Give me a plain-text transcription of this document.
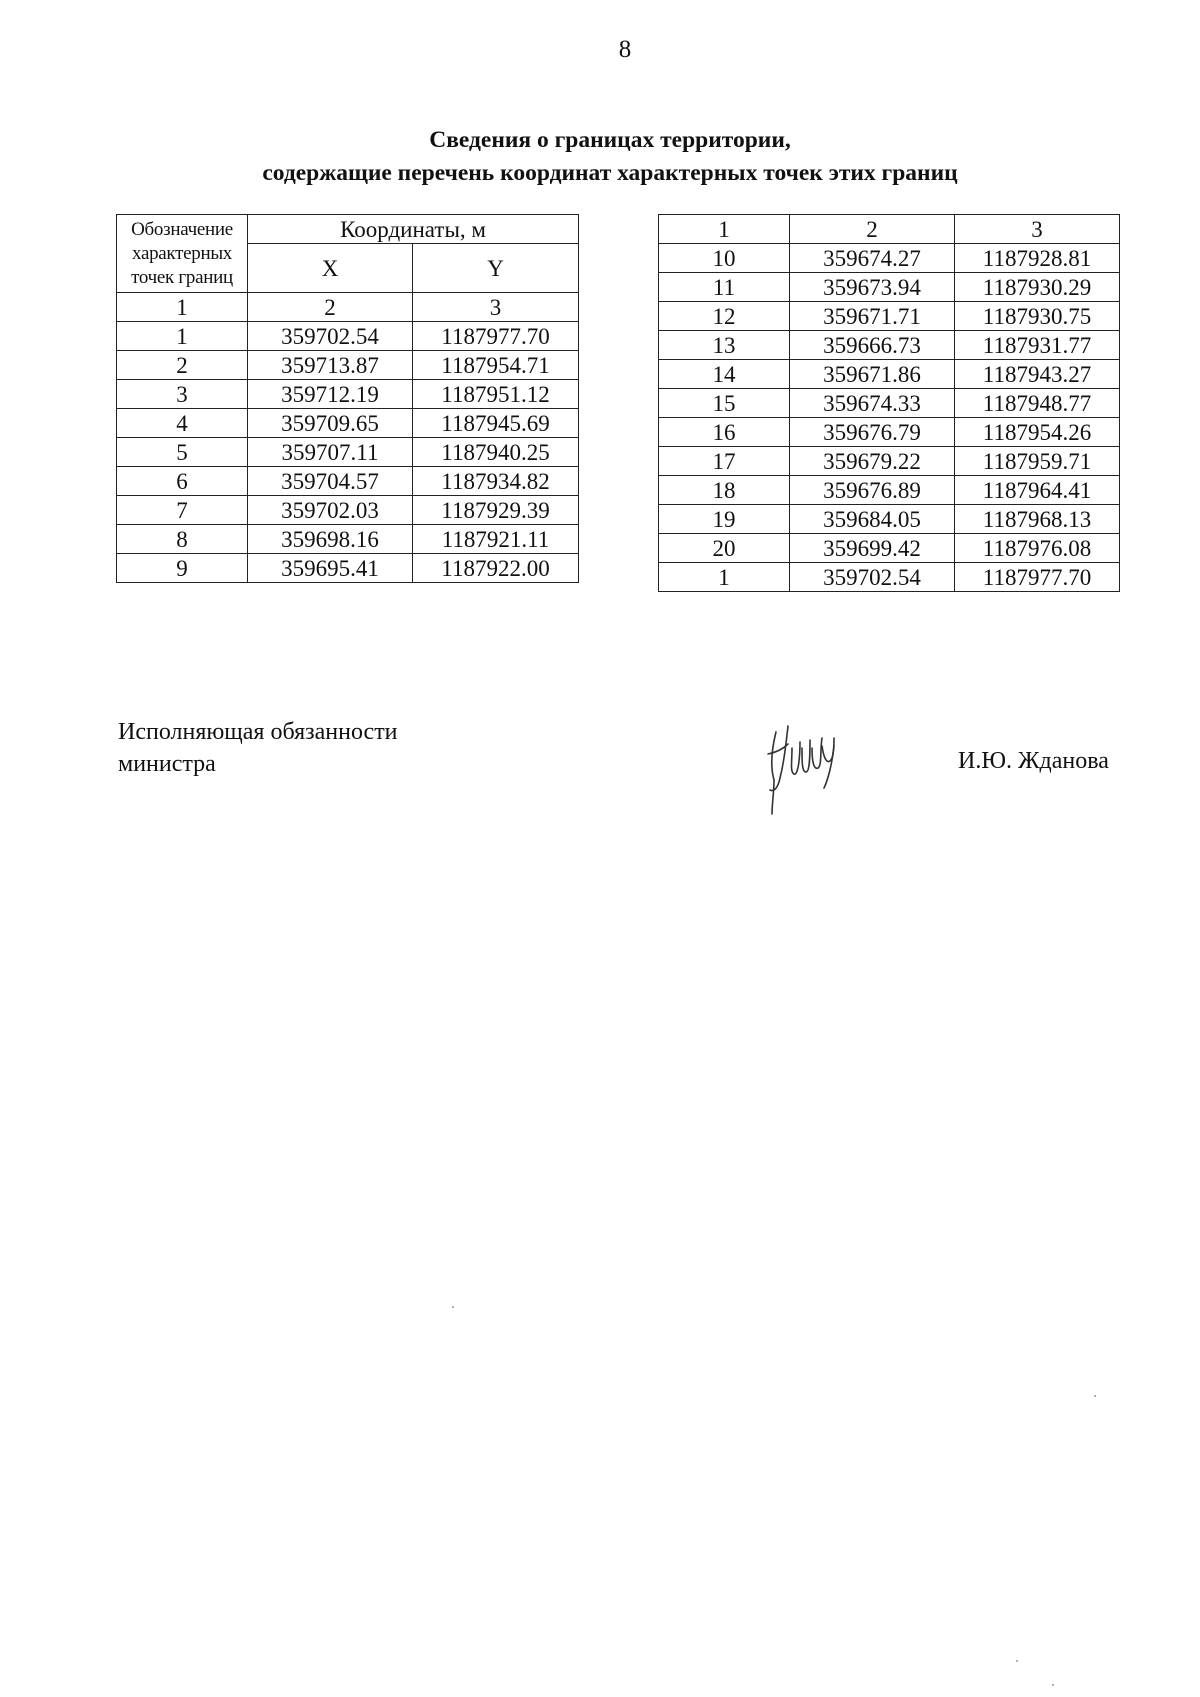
8
Сведения о границах территории,
содержащие перечень координат характерных точек этих границ
Обозначение
характерных
точек границ	Координаты, м	
	X	Y
1	2	3
1	359702.54	1187977.70
2	359713.87	1187954.71
3	359712.19	1187951.12
4	359709.65	1187945.69
5	359707.11	1187940.25
6	359704.57	1187934.82
7	359702.03	1187929.39
8	359698.16	1187921.11
9	359695.41	1187922.00
1	2	3
10	359674.27	1187928.81
11	359673.94	1187930.29
12	359671.71	1187930.75
13	359666.73	1187931.77
14	359671.86	1187943.27
15	359674.33	1187948.77
16	359676.79	1187954.26
17	359679.22	1187959.71
18	359676.89	1187964.41
19	359684.05	1187968.13
20	359699.42	1187976.08
1	359702.54	1187977.70
Исполняющая обязанности
министра	И.Ю. Жданова
